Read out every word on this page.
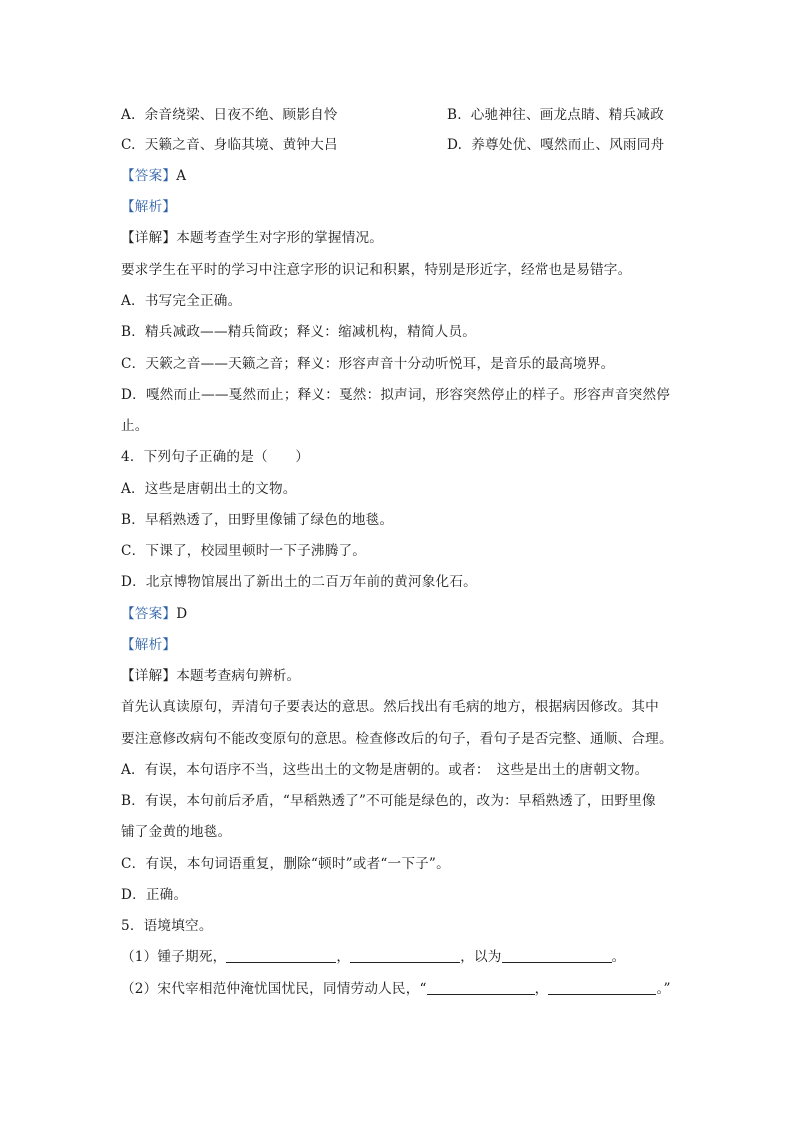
A. 余音绕梁、日夜不绝、顾影自怜	B. 心驰神往、画龙点睛、精兵减政
C. 天籁之音、身临其境、黄钟大吕	D. 养尊处优、嘎然而止、风雨同舟
【答案】A
【解析】
【详解】本题考查学生对字形的掌握情况。
要求学生在平时的学习中注意字形的识记和积累，特别是形近字，经常也是易错字。
A．书写完全正确。
B．精兵减政——精兵简政；释义：缩减机构，精简人员。
C．天簌之音——天籁之音；释义：形容声音十分动听悦耳，是音乐的最高境界。
D．嘎然而止——戛然而止；释义：戛然：拟声词，形容突然停止的样子。形容声音突然停
止。
4．下列句子正确的是（　　）
A．这些是唐朝出土的文物。
B．早稻熟透了，田野里像铺了绿色的地毯。
C．下课了，校园里顿时一下子沸腾了。
D．北京博物馆展出了新出土的二百万年前的黄河象化石。
【答案】D
【解析】
【详解】本题考查病句辨析。
首先认真读原句，弄清句子要表达的意思。然后找出有毛病的地方，根据病因修改。其中
要注意修改病句不能改变原句的意思。检查修改后的句子，看句子是否完整、通顺、合理。
A．有误，本句语序不当，这些出土的文物是唐朝的。或者：　这些是出土的唐朝文物。
B．有误，本句前后矛盾，“早稻熟透了”不可能是绿色的，改为：早稻熟透了，田野里像
铺了金黄的地毯。
C．有误，本句词语重复，删除“顿时”或者“一下子”。
D．正确。
5．语境填空。
（1）锺子期死，	，	，以为	。
（2）宋代宰相范仲淹忧国忧民，同情劳动人民，“	，	。”
